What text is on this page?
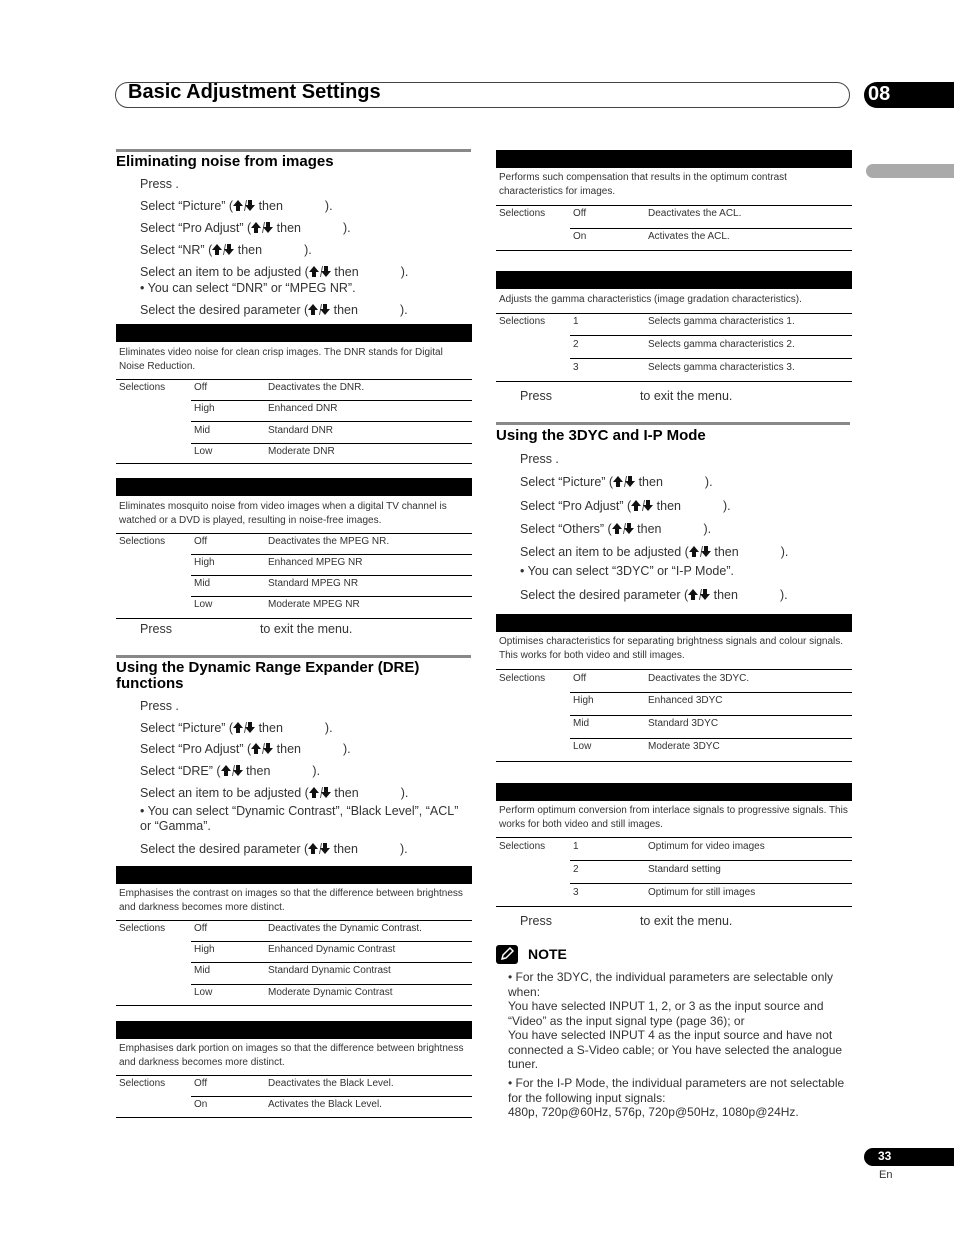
Basic Adjustment Settings	08
Eliminating noise from images
Press .
Select “Picture” ( then	).
Select “Pro Adjust” ( then	).
Select “NR” ( then	).
Select an item to be adjusted ( then	).
• You can select “DNR” or “MPEG NR”.
Select the desired parameter ( then	).
Eliminates video noise for clean crisp images. The DNR stands for Digital Noise Reduction.
Selections	Off	Deactivates the DNR.
High	Enhanced DNR
Mid	Standard DNR
Low	Moderate DNR
Eliminates mosquito noise from video images when a digital TV channel is watched or a DVD is played, resulting in noise-free images.
Selections	Off	Deactivates the MPEG NR.
High	Enhanced MPEG NR
Mid	Standard MPEG NR
Low	Moderate MPEG NR
Press	to exit the menu.
Using the Dynamic Range Expander (DRE) functions
Press .
Select “Picture” ( then	).
Select “Pro Adjust” ( then	).
Select “DRE” ( then	).
Select an item to be adjusted ( then	).
• You can select “Dynamic Contrast”, “Black Level”, “ACL” or “Gamma”.
Select the desired parameter ( then	).
Emphasises the contrast on images so that the difference between brightness and darkness becomes more distinct.
Selections	Off	Deactivates the Dynamic Contrast.
High	Enhanced Dynamic Contrast
Mid	Standard Dynamic Contrast
Low	Moderate Dynamic Contrast
Emphasises dark portion on images so that the difference between brightness and darkness becomes more distinct.
Selections	Off	Deactivates the Black Level.
On	Activates the Black Level.
Performs such compensation that results in the optimum contrast characteristics for images.
Selections	Off	Deactivates the ACL.
On	Activates the ACL.
Adjusts the gamma characteristics (image gradation characteristics).
Selections	1	Selects gamma characteristics 1.
2	Selects gamma characteristics 2.
3	Selects gamma characteristics 3.
Press	to exit the menu.
Using the 3DYC and I-P Mode
Press .
Select “Picture” ( then	).
Select “Pro Adjust” ( then	).
Select “Others” ( then	).
Select an item to be adjusted ( then	).
• You can select “3DYC” or “I-P Mode”.
Select the desired parameter ( then	).
Optimises characteristics for separating brightness signals and colour signals. This works for both video and still images.
Selections	Off	Deactivates the 3DYC.
High	Enhanced 3DYC
Mid	Standard 3DYC
Low	Moderate 3DYC
Perform optimum conversion from interlace signals to progressive signals. This works for both video and still images.
Selections	1	Optimum for video images
2	Standard setting
3	Optimum for still images
Press	to exit the menu.
NOTE
• For the 3DYC, the individual parameters are selectable only when:
You have selected INPUT 1, 2, or 3 as the input source and “Video” as the input signal type (page 36); or
You have selected INPUT 4 as the input source and have not connected a S-Video cable; or You have selected the analogue tuner.
• For the I-P Mode, the individual parameters are not selectable for the following input signals:
480p, 720p@60Hz, 576p, 720p@50Hz, 1080p@24Hz.
33
En
